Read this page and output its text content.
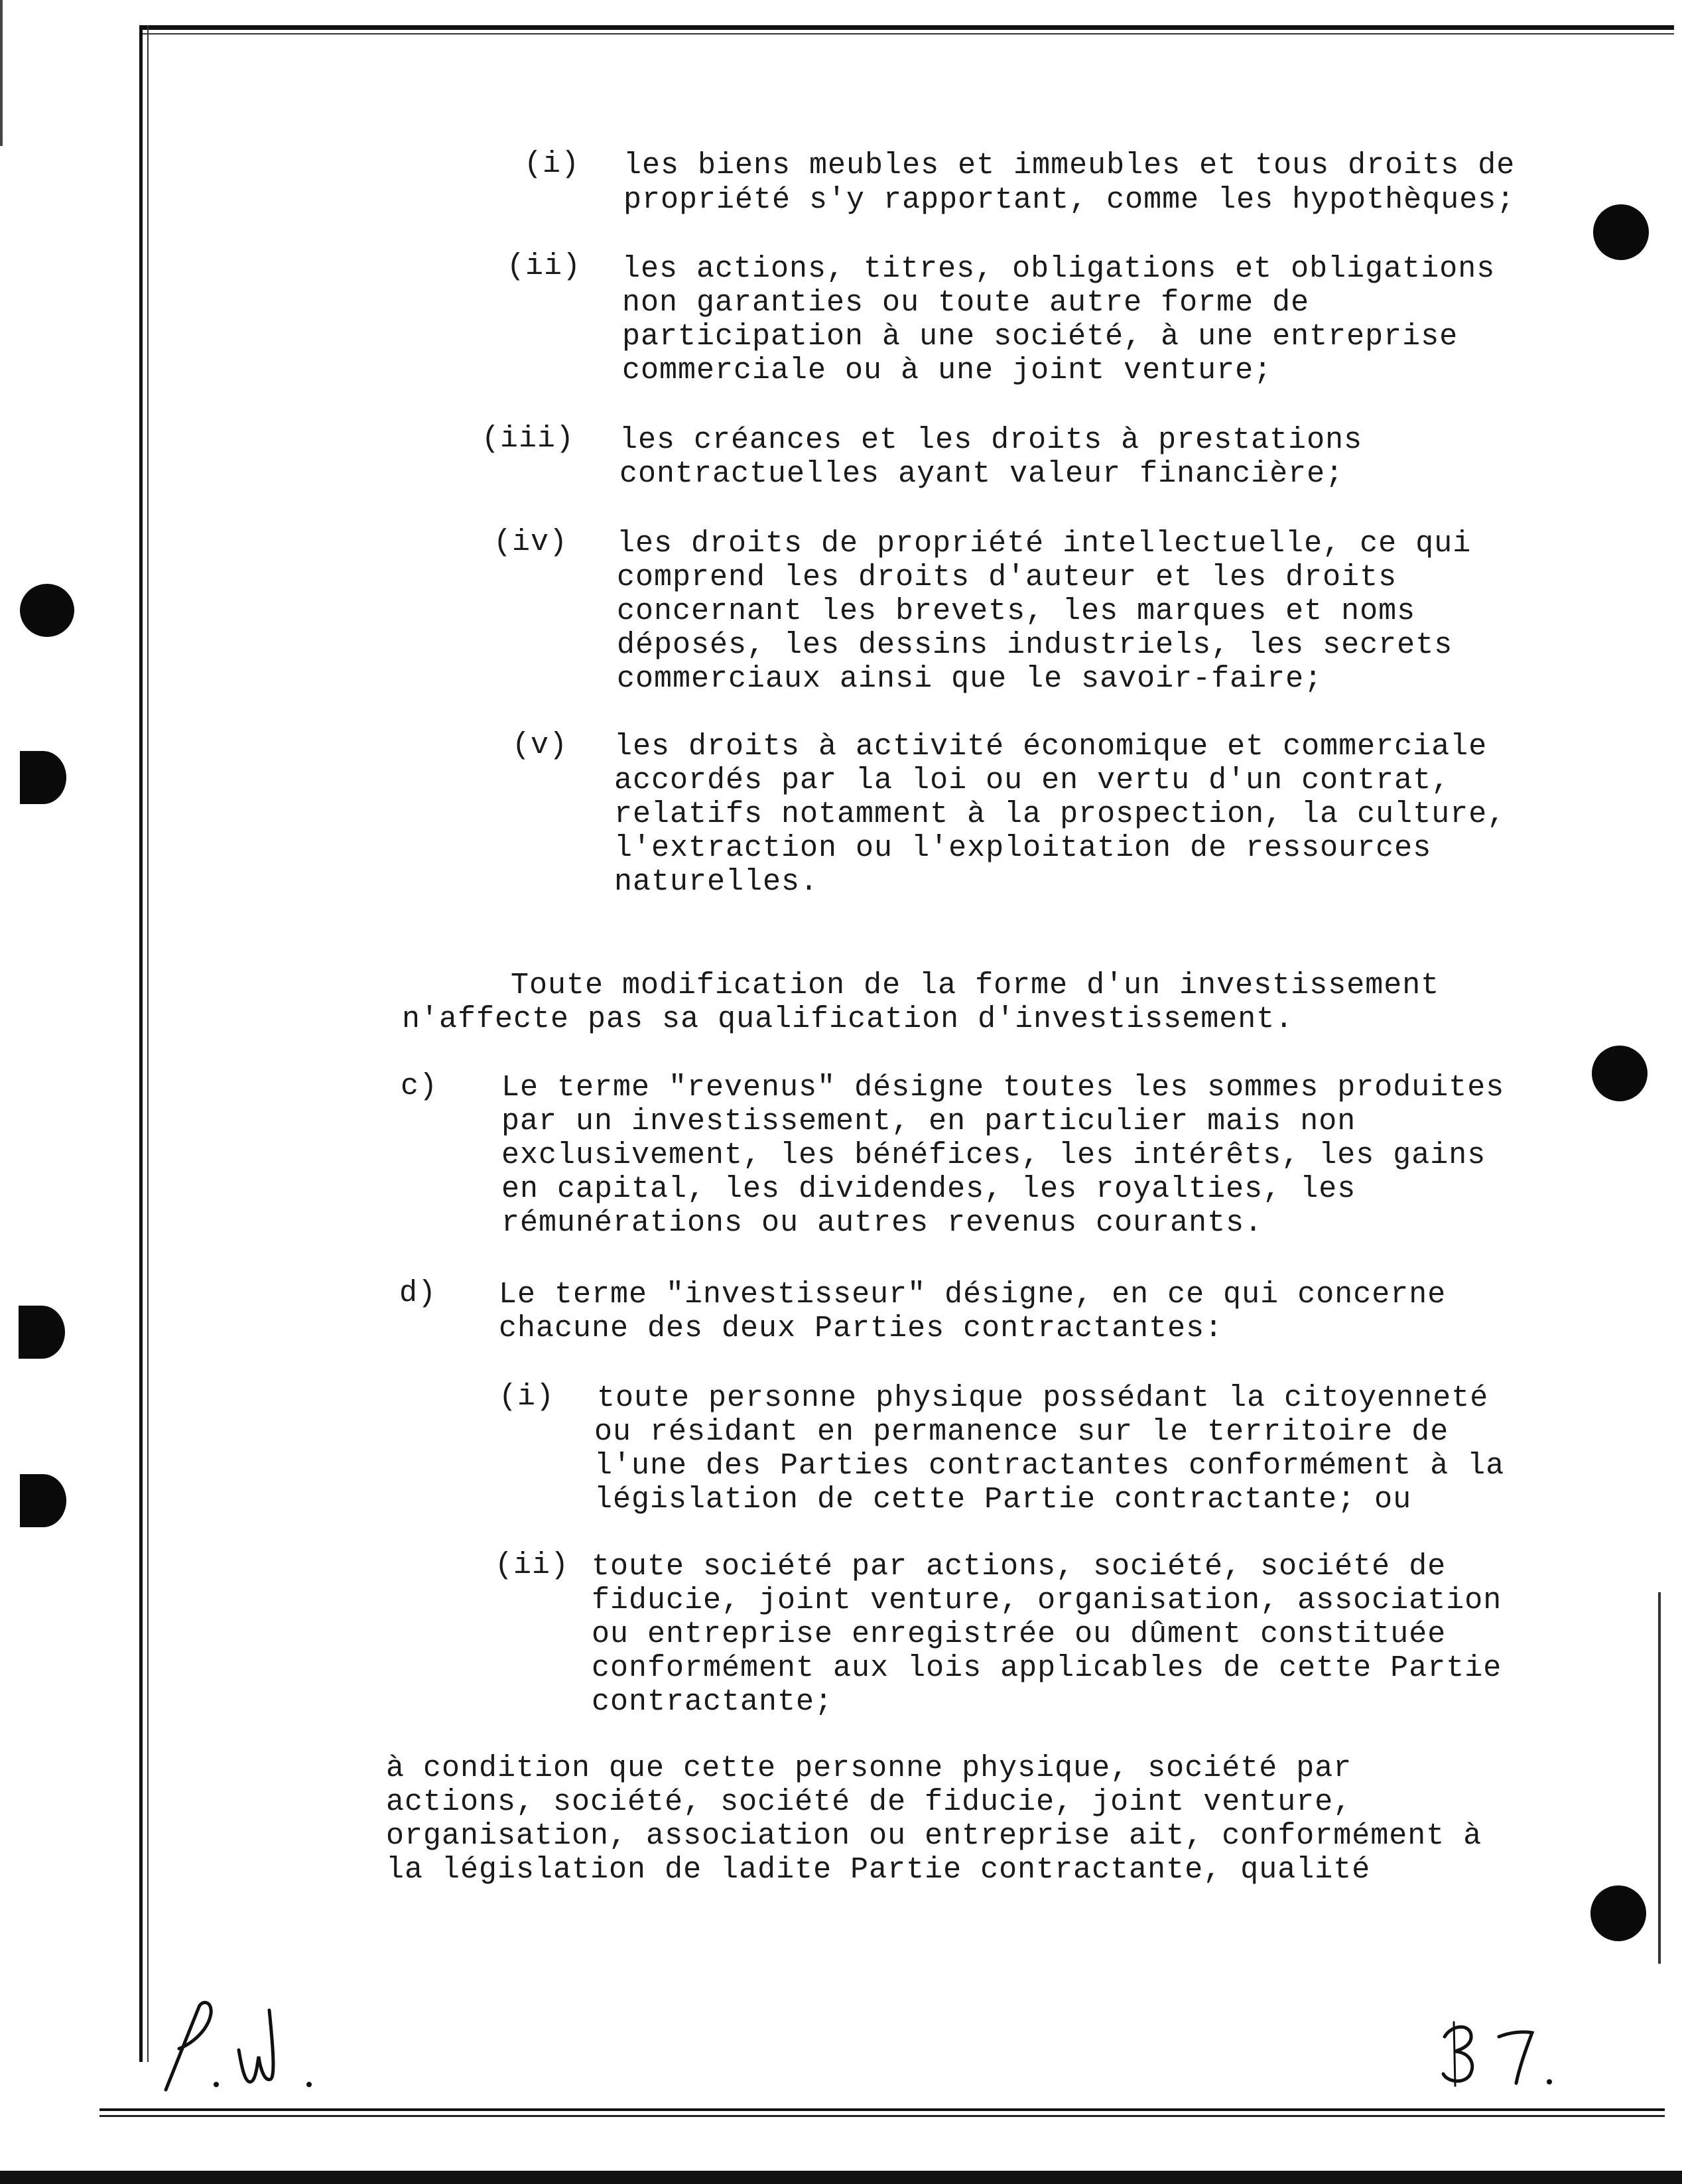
(i) les biens meubles et immeubles et tous droits de
propriété s'y rapportant, comme les hypothèques;
(ii) les actions, titres, obligations et obligations
non garanties ou toute autre forme de
participation à une société, à une entreprise
commerciale ou à une joint venture;
(iii) les créances et les droits à prestations
contractuelles ayant valeur financière;
(iv) les droits de propriété intellectuelle, ce qui
comprend les droits d'auteur et les droits
concernant les brevets, les marques et noms
déposés, les dessins industriels, les secrets
commerciaux ainsi que le savoir-faire;
(v) les droits à activité économique et commerciale
accordés par la loi ou en vertu d'un contrat,
relatifs notamment à la prospection, la culture,
l'extraction ou l'exploitation de ressources
naturelles.
Toute modification de la forme d'un investissement
n'affecte pas sa qualification d'investissement.
c) Le terme "revenus" désigne toutes les sommes produites
par un investissement, en particulier mais non
exclusivement, les bénéfices, les intérêts, les gains
en capital, les dividendes, les royalties, les
rémunérations ou autres revenus courants.
d) Le terme "investisseur" désigne, en ce qui concerne
chacune des deux Parties contractantes:
(i) toute personne physique possédant la citoyenneté
ou résidant en permanence sur le territoire de
l'une des Parties contractantes conformément à la
législation de cette Partie contractante; ou
(ii) toute société par actions, société, société de
fiducie, joint venture, organisation, association
ou entreprise enregistrée ou dûment constituée
conformément aux lois applicables de cette Partie
contractante;
à condition que cette personne physique, société par
actions, société, société de fiducie, joint venture,
organisation, association ou entreprise ait, conformément à
la législation de ladite Partie contractante, qualité
